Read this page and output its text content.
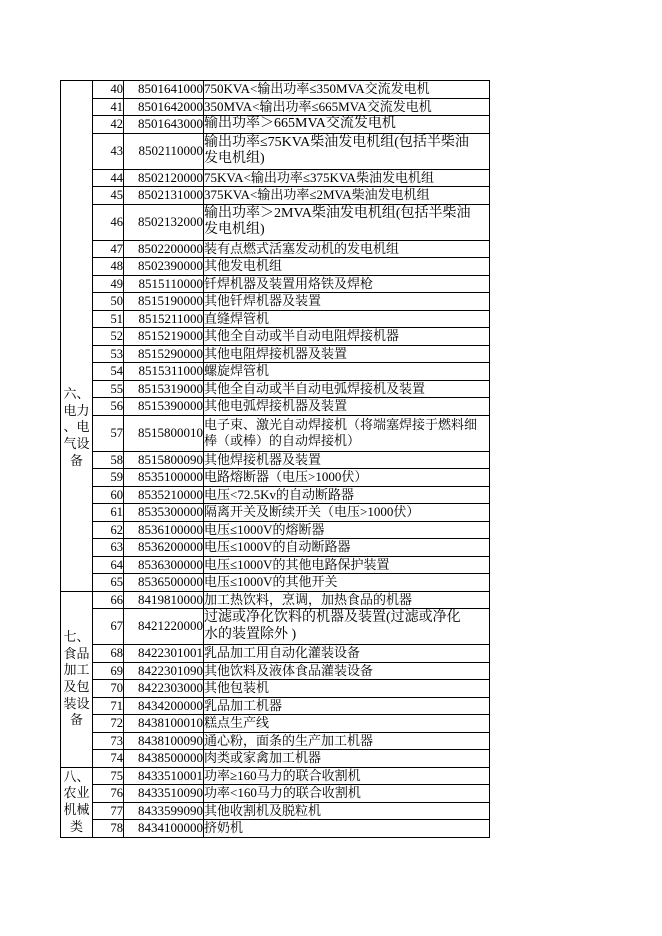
六、电力、电气设备	40	8501641000	750KVA<输出功率≤350MVA交流发电机
	41	8501642000	350MVA<输出功率≤665MVA交流发电机
	42	8501643000	输出功率＞665MVA交流发电机
	43	8502110000	输出功率≤75KVA柴油发电机组(包括半柴油
发电机组)
	44	8502120000	75KVA<输出功率≤375KVA柴油发电机组
	45	8502131000	375KVA<输出功率≤2MVA柴油发电机组
	46	8502132000	输出功率＞2MVA柴油发电机组(包括半柴油
发电机组)
	47	8502200000	装有点燃式活塞发动机的发电机组
	48	8502390000	其他发电机组
	49	8515110000	钎焊机器及装置用烙铁及焊枪
	50	8515190000	其他钎焊机器及装置
	51	8515211000	直缝焊管机
	52	8515219000	其他全自动或半自动电阻焊接机器
	53	8515290000	其他电阻焊接机器及装置
	54	8515311000	螺旋焊管机
	55	8515319000	其他全自动或半自动电弧焊接机及装置
	56	8515390000	其他电弧焊接机器及装置
	57	8515800010	电子束、激光自动焊接机（将端塞焊接于燃料细
棒（或棒）的自动焊接机）
	58	8515800090	其他焊接机器及装置
	59	8535100000	电路熔断器（电压>1000伏）
	60	8535210000	电压<72.5Kv的自动断路器
	61	8535300000	隔离开关及断续开关（电压>1000伏）
	62	8536100000	电压≤1000V的熔断器
	63	8536200000	电压≤1000V的自动断路器
	64	8536300000	电压≤1000V的其他电路保护装置
	65	8536500000	电压≤1000V的其他开关

七、食品加工及包装设备	66	8419810000	加工热饮料，烹调，加热食品的机器
	67	8421220000	过滤或净化饮料的机器及装置(过滤或净化
水的装置除外 )
	68	8422301001	乳品加工用自动化灌装设备
	69	8422301090	其他饮料及液体食品灌装设备
	70	8422303000	其他包装机
	71	8434200000	乳品加工机器
	72	8438100010	糕点生产线
	73	8438100090	通心粉，面条的生产加工机器
	74	8438500000	肉类或家禽加工机器

八、农业机械类	75	8433510001	功率≥160马力的联合收割机
	76	8433510090	功率<160马力的联合收割机
	77	8433599090	其他收割机及脱粒机
	78	8434100000	挤奶机
